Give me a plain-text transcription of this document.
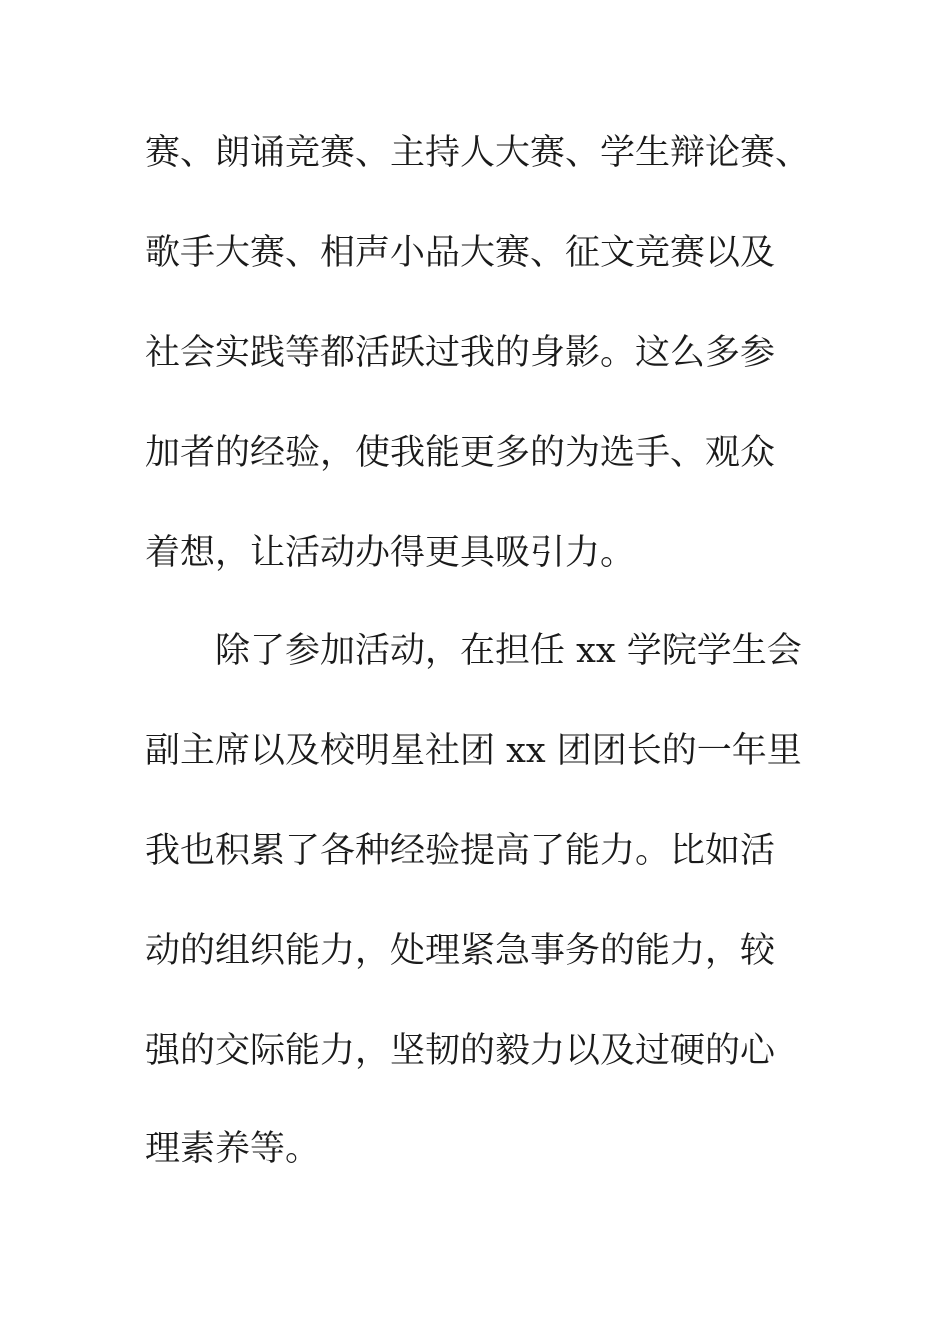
赛、朗诵竞赛、主持人大赛、学生辩论赛、
歌手大赛、相声小品大赛、征文竞赛以及
社会实践等都活跃过我的身影。这么多参
加者的经验，使我能更多的为选手、观众
着想，让活动办得更具吸引力。
除了参加活动，在担任 xx 学院学生会
副主席以及校明星社团 xx 团团长的一年里
我也积累了各种经验提高了能力。比如活
动的组织能力，处理紧急事务的能力，较
强的交际能力，坚韧的毅力以及过硬的心
理素养等。
